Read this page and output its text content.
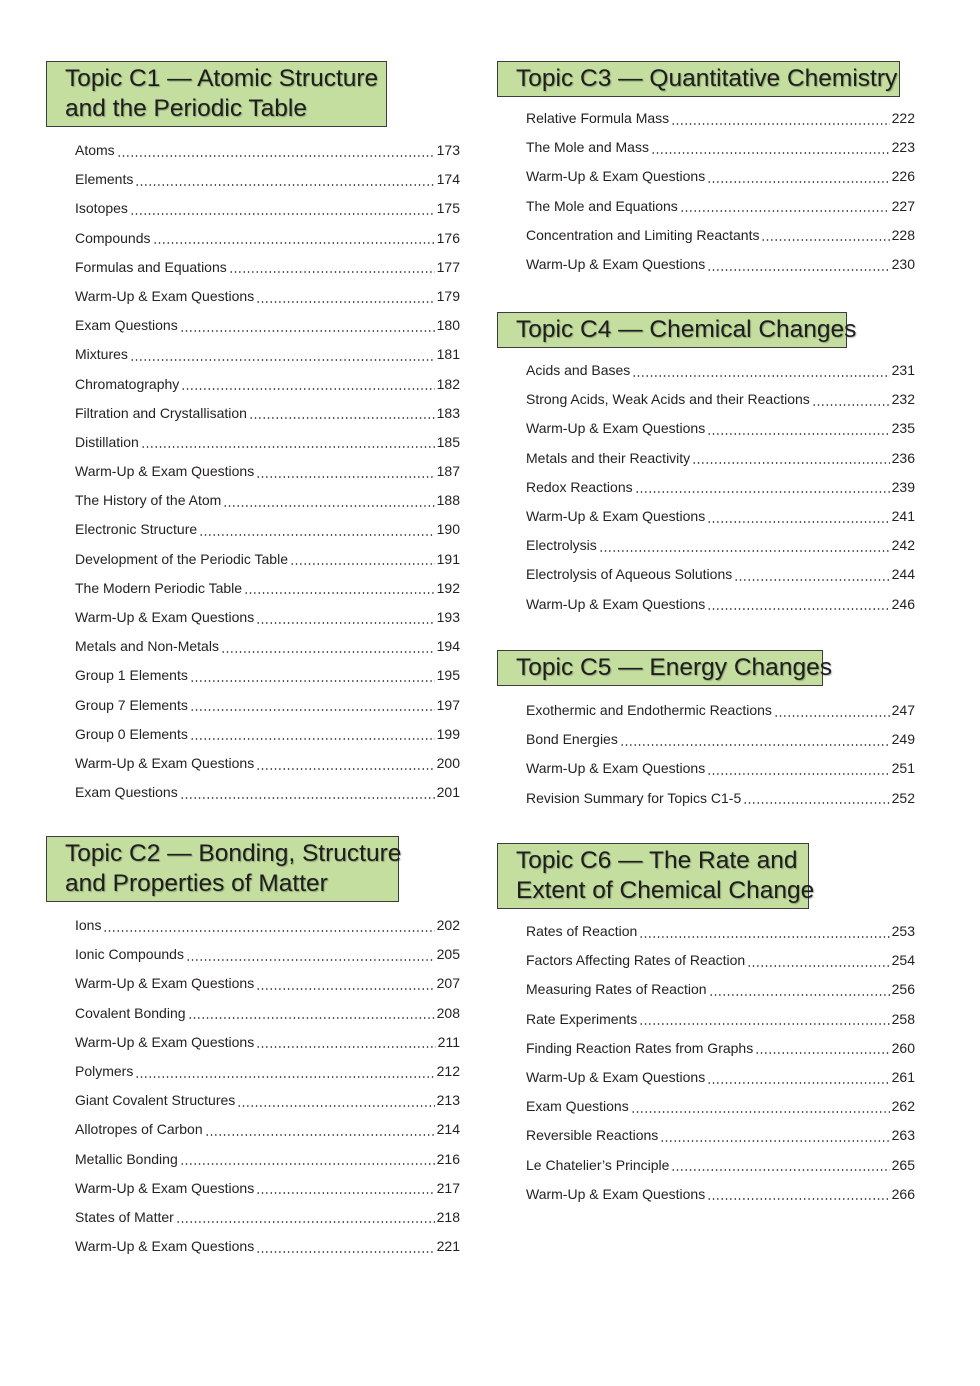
Topic C1 — Atomic Structure
and the Periodic Table
Atoms	173
Elements	174
Isotopes	175
Compounds	176
Formulas and Equations	177
Warm-Up & Exam Questions	179
Exam Questions	180
Mixtures	181
Chromatography	182
Filtration and Crystallisation	183
Distillation	185
Warm-Up & Exam Questions	187
The History of the Atom	188
Electronic Structure	190
Development of the Periodic Table	191
The Modern Periodic Table	192
Warm-Up & Exam Questions	193
Metals and Non-Metals	194
Group 1 Elements	195
Group 7 Elements	197
Group 0 Elements	199
Warm-Up & Exam Questions	200
Exam Questions	201
Topic C2 — Bonding, Structure
and Properties of Matter
Ions	202
Ionic Compounds	205
Warm-Up & Exam Questions	207
Covalent Bonding	208
Warm-Up & Exam Questions	211
Polymers	212
Giant Covalent Structures	213
Allotropes of Carbon	214
Metallic Bonding	216
Warm-Up & Exam Questions	217
States of Matter	218
Warm-Up & Exam Questions	221
Topic C3 — Quantitative Chemistry
Relative Formula Mass	222
The Mole and Mass	223
Warm-Up & Exam Questions	226
The Mole and Equations	227
Concentration and Limiting Reactants	228
Warm-Up & Exam Questions	230
Topic C4 — Chemical Changes
Acids and Bases	231
Strong Acids, Weak Acids and their Reactions	232
Warm-Up & Exam Questions	235
Metals and their Reactivity	236
Redox Reactions	239
Warm-Up & Exam Questions	241
Electrolysis	242
Electrolysis of Aqueous Solutions	244
Warm-Up & Exam Questions	246
Topic C5 — Energy Changes
Exothermic and Endothermic Reactions	247
Bond Energies	249
Warm-Up & Exam Questions	251
Revision Summary for Topics C1-5	252
Topic C6 — The Rate and
Extent of Chemical Change
Rates of Reaction	253
Factors Affecting Rates of Reaction	254
Measuring Rates of Reaction	256
Rate Experiments	258
Finding Reaction Rates from Graphs	260
Warm-Up & Exam Questions	261
Exam Questions	262
Reversible Reactions	263
Le Chatelier’s Principle	265
Warm-Up & Exam Questions	266
